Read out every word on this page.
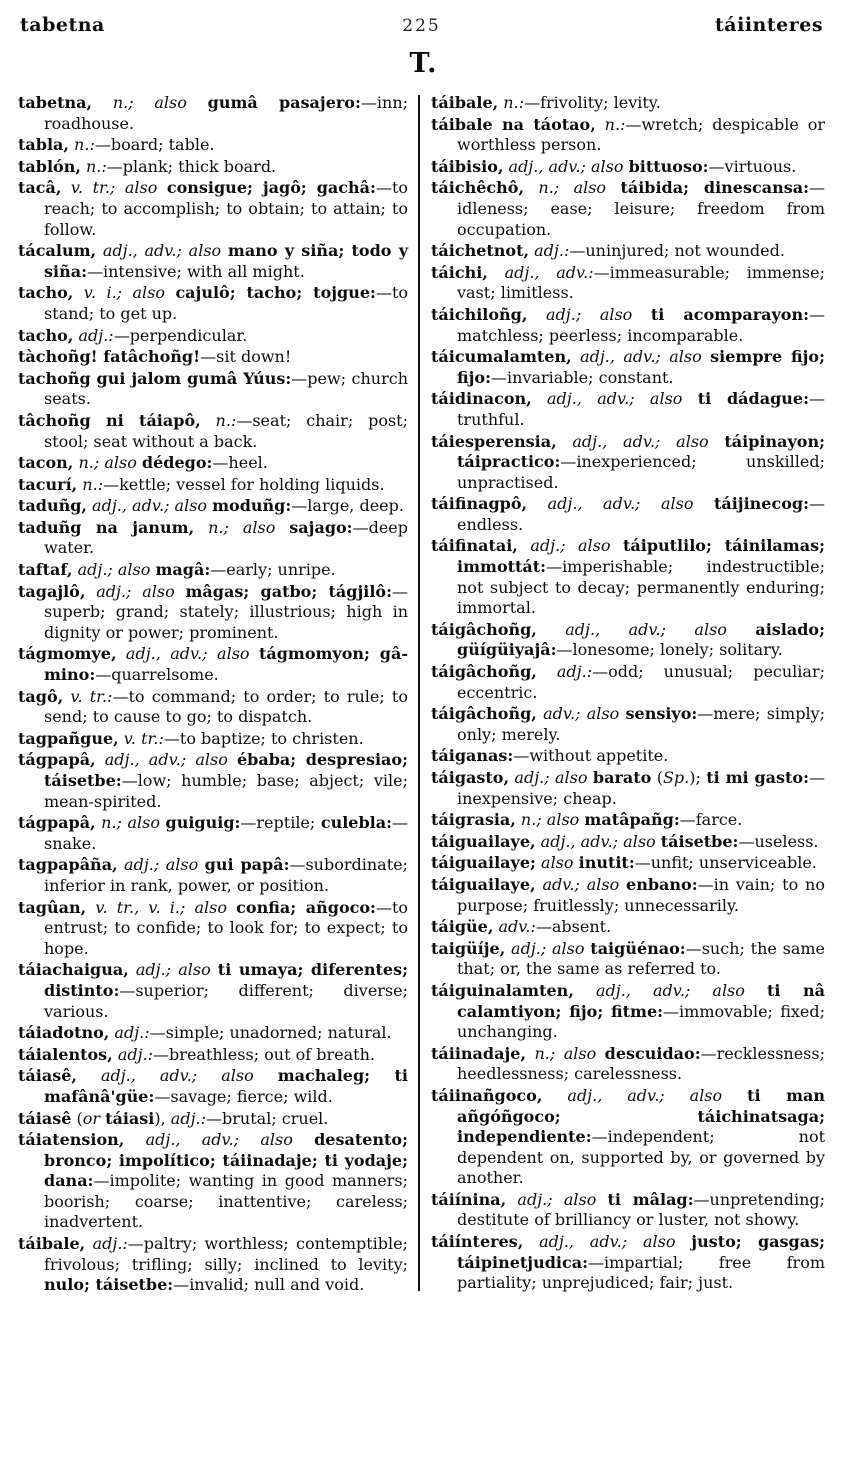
tabetna	225	táiinteres
T.
tabetna, n.; also gumâ pasajero:—inn; roadhouse.
tabla, n.:—board; table.
tablón, n.:—plank; thick board.
tacâ, v. tr.; also consigue; jagô; gachâ:—to reach; to accomplish; to obtain; to attain; to follow.
tácalum, adj., adv.; also mano y siña; todo y siña:—intensive; with all might.
tacho, v. i.; also cajulô; tacho; tojgue:—to stand; to get up.
tacho, adj.:—perpendicular.
tàchoñg! fatâchoñg!—sit down!
tachoñg gui jalom gumâ Yúus:—pew; church seats.
tâchoñg ni táiapô, n.:—seat; chair; post; stool; seat without a back.
tacon, n.; also dédego:—heel.
tacurí, n.:—kettle; vessel for holding liquids.
taduñg, adj., adv.; also moduñg:—large, deep.
taduñg na janum, n.; also sajago:—deep water.
taftaf, adj.; also magâ:—early; unripe.
tagajlô, adj.; also mâgas; gatbo; tágjilô:—superb; grand; stately; illustrious; high in dignity or power; prominent.
tágmomye, adj., adv.; also tágmomyon; gâ-mino:—quarrelsome.
tagô, v. tr.:—to command; to order; to rule; to send; to cause to go; to dispatch.
tagpañgue, v. tr.:—to baptize; to christen.
tágpapâ, adj., adv.; also ébaba; despresiao; táisetbe:—low; humble; base; abject; vile; mean-spirited.
tágpapâ, n.; also guiguig:—reptile; culebla:—snake.
tagpapâña, adj.; also gui papâ:—subordinate; inferior in rank, power, or position.
tagûan, v. tr., v. i.; also confia; añgoco:—to entrust; to confide; to look for; to expect; to hope.
táiachaigua, adj.; also ti umaya; diferentes; distinto:—superior; different; diverse; various.
táiadotno, adj.:—simple; unadorned; natural.
táialentos, adj.:—breathless; out of breath.
táiasê, adj., adv.; also machaleg; ti mafânâ'güe:—savage; fierce; wild.
táiasê (or táiasi), adj.:—brutal; cruel.
táiatension, adj., adv.; also desatento; bronco; impolítico; táiinadaje; ti yodaje; dana:—impolite; wanting in good manners; boorish; coarse; inattentive; careless; inadvertent.
táibale, adj.:—paltry; worthless; contemptible; frivolous; trifling; silly; inclined to levity; nulo; táisetbe:—invalid; null and void.
táibale, n.:—frivolity; levity.
táibale na táotao, n.:—wretch; despicable or worthless person.
táibisio, adj., adv.; also bittuoso:—virtuous.
táichêchô, n.; also táibida; dinescansa:—idleness; ease; leisure; freedom from occupation.
táichetnot, adj.:—uninjured; not wounded.
táichi, adj., adv.:—immeasurable; immense; vast; limitless.
táichiloñg, adj.; also ti acomparayon:—matchless; peerless; incomparable.
táicumalamten, adj., adv.; also siempre fijo; fijo:—invariable; constant.
táidinacon, adj., adv.; also ti dádague:—truthful.
táiesperensia, adj., adv.; also táipinayon; táipractico:—inexperienced; unskilled; unpractised.
táifinagpô, adj., adv.; also táijinecog:—endless.
táifinatai, adj.; also táiputlilo; táinilamas; immottát:—imperishable; indestructible; not subject to decay; permanently enduring; immortal.
táigâchoñg, adj., adv.; also aislado; güígüiyajâ:—lonesome; lonely; solitary.
táigâchoñg, adj.:—odd; unusual; peculiar; eccentric.
táigâchoñg, adv.; also sensiyo:—mere; simply; only; merely.
táiganas:—without appetite.
táigasto, adj.; also barato (Sp.); ti mi gasto:—inexpensive; cheap.
táigrasia, n.; also matâpañg:—farce.
táiguailaye, adj., adv.; also táisetbe:—useless.
táiguailaye; also inutit:—unfit; unserviceable.
táiguailaye, adv.; also enbano:—in vain; to no purpose; fruitlessly; unnecessarily.
táigüe, adv.:—absent.
taigüíje, adj.; also taigüénao:—such; the same that; or, the same as referred to.
táiguinalamten, adj., adv.; also ti nâ calamtiyon; fijo; fitme:—immovable; fixed; unchanging.
táiinadaje, n.; also descuidao:—recklessness; heedlessness; carelessness.
táiinañgoco, adj., adv.; also ti man añgóñgoco; táichinatsaga; independiente:—independent; not dependent on, supported by, or governed by another.
táiínina, adj.; also ti mâlag:—unpretending; destitute of brilliancy or luster, not showy.
táiínteres, adj., adv.; also justo; gasgas; táipinetjudica:—impartial; free from partiality; unprejudiced; fair; just.
